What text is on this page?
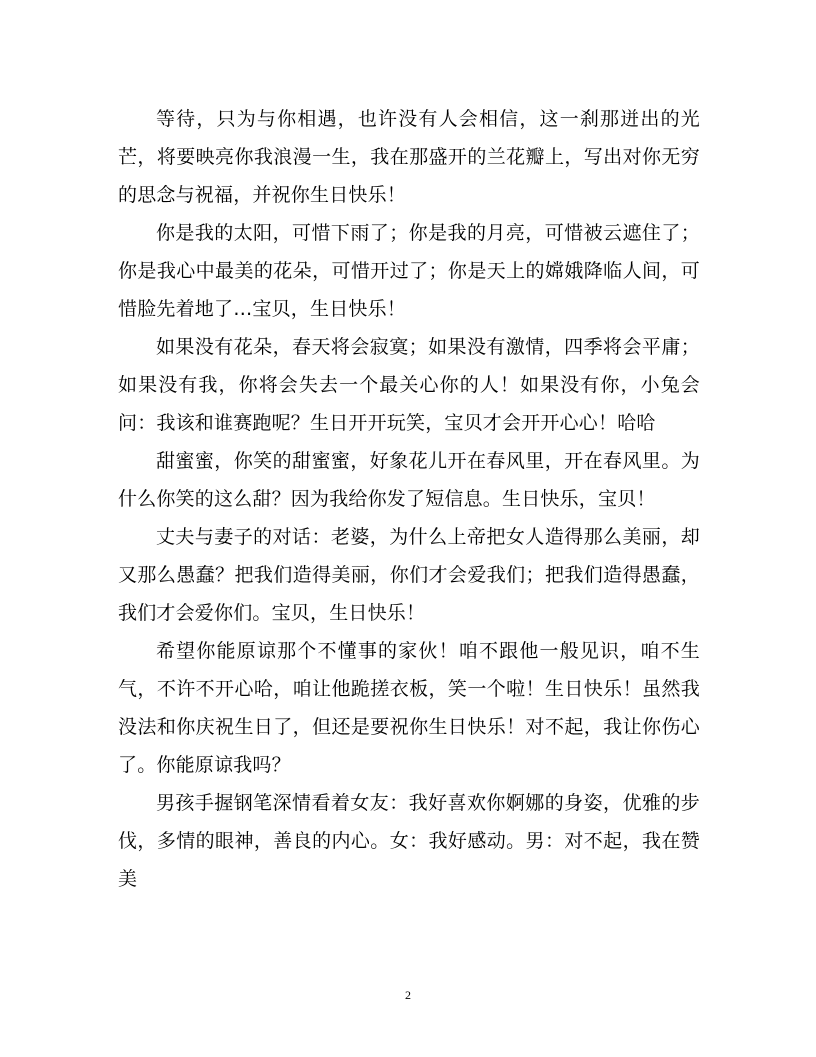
等待，只为与你相遇，也许没有人会相信，这一刹那迸出的光芒，将要映亮你我浪漫一生，我在那盛开的兰花瓣上，写出对你无穷的思念与祝福，并祝你生日快乐！

你是我的太阳，可惜下雨了；你是我的月亮，可惜被云遮住了；你是我心中最美的花朵，可惜开过了；你是天上的嫦娥降临人间，可惜脸先着地了…宝贝，生日快乐！

如果没有花朵，春天将会寂寞；如果没有激情，四季将会平庸；如果没有我，你将会失去一个最关心你的人！如果没有你，小兔会问：我该和谁赛跑呢？生日开开玩笑，宝贝才会开开心心！哈哈

甜蜜蜜，你笑的甜蜜蜜，好象花儿开在春风里，开在春风里。为什么你笑的这么甜？因为我给你发了短信息。生日快乐，宝贝！

丈夫与妻子的对话：老婆，为什么上帝把女人造得那么美丽，却又那么愚蠢？把我们造得美丽，你们才会爱我们；把我们造得愚蠢，我们才会爱你们。宝贝，生日快乐！

希望你能原谅那个不懂事的家伙！咱不跟他一般见识，咱不生气，不许不开心哈，咱让他跪搓衣板，笑一个啦！生日快乐！虽然我没法和你庆祝生日了，但还是要祝你生日快乐！对不起，我让你伤心了。你能原谅我吗？

男孩手握钢笔深情看着女友：我好喜欢你婀娜的身姿，优雅的步伐，多情的眼神，善良的内心。女：我好感动。男：对不起，我在赞美

2
